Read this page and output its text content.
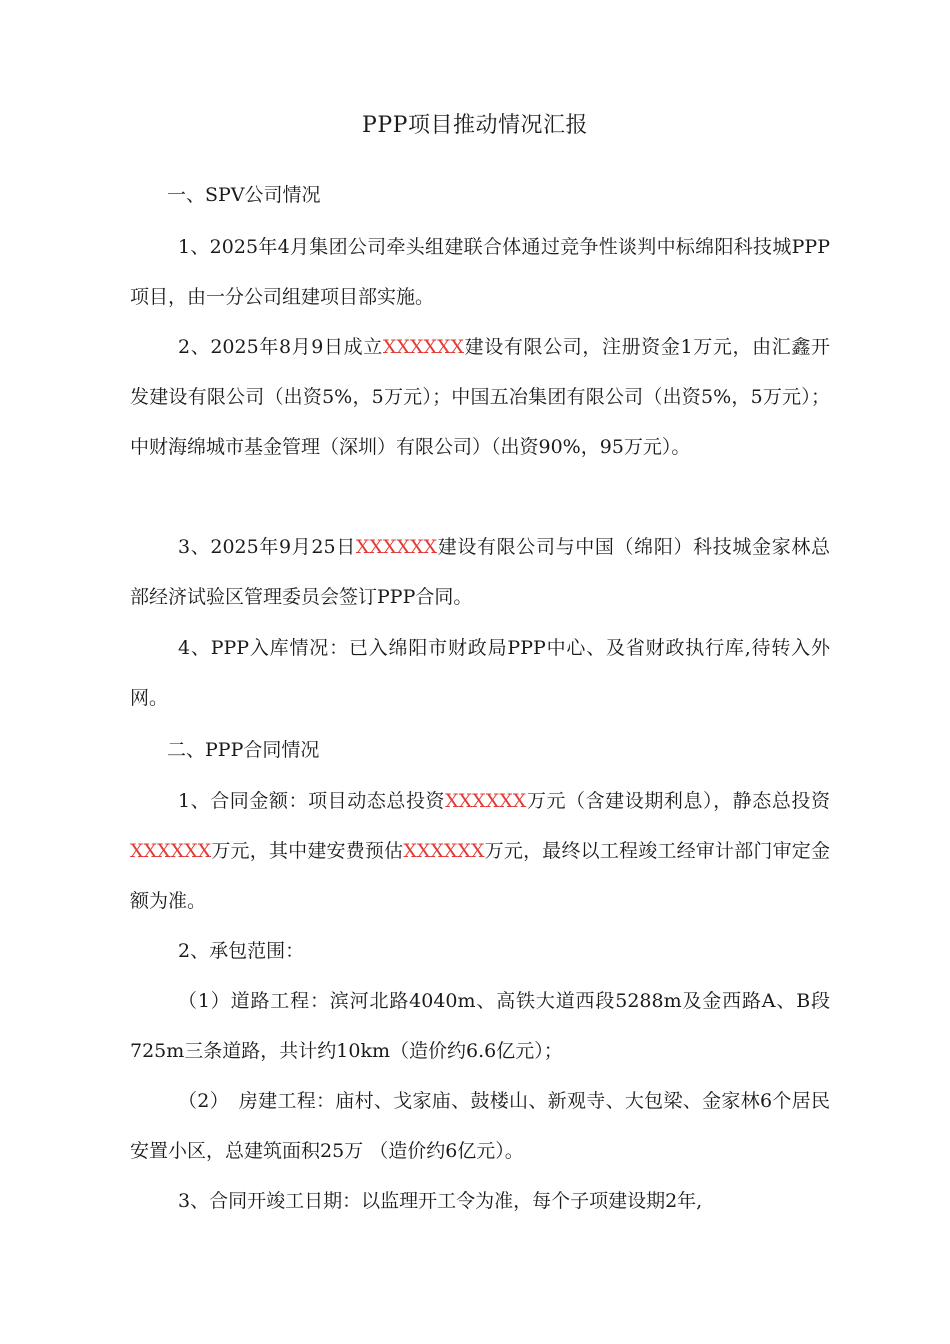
PPP项目推动情况汇报
一、SPV公司情况
1、2025年4月集团公司牵头组建联合体通过竞争性谈判中标绵阳科技城PPP项目，由一分公司组建项目部实施。
2、2025年8月9日成立XXXXXX建设有限公司，注册资金1万元，由汇鑫开发建设有限公司（出资5%，5万元）；中国五冶集团有限公司（出资5%，5万元）；中财海绵城市基金管理（深圳）有限公司）（出资90%，95万元）。
3、2025年9月25日XXXXXX建设有限公司与中国（绵阳）科技城金家林总部经济试验区管理委员会签订PPP合同。
4、PPP入库情况：已入绵阳市财政局PPP中心、及省财政执行库,待转入外网。
二、PPP合同情况
1、合同金额：项目动态总投资XXXXXX万元（含建设期利息），静态总投资XXXXXX万元，其中建安费预估XXXXXX万元，最终以工程竣工经审计部门审定金额为准。
2、承包范围：
（1）道路工程：滨河北路4040m、高铁大道西段5288m及金西路A、B段725m三条道路，共计约10km（造价约6.6亿元）；
（2）　房建工程：庙村、戈家庙、鼓楼山、新观寺、大包梁、金家林6个居民安置小区，总建筑面积25万 （造价约6亿元）。
3、合同开竣工日期：以监理开工令为准，每个子项建设期2年,
